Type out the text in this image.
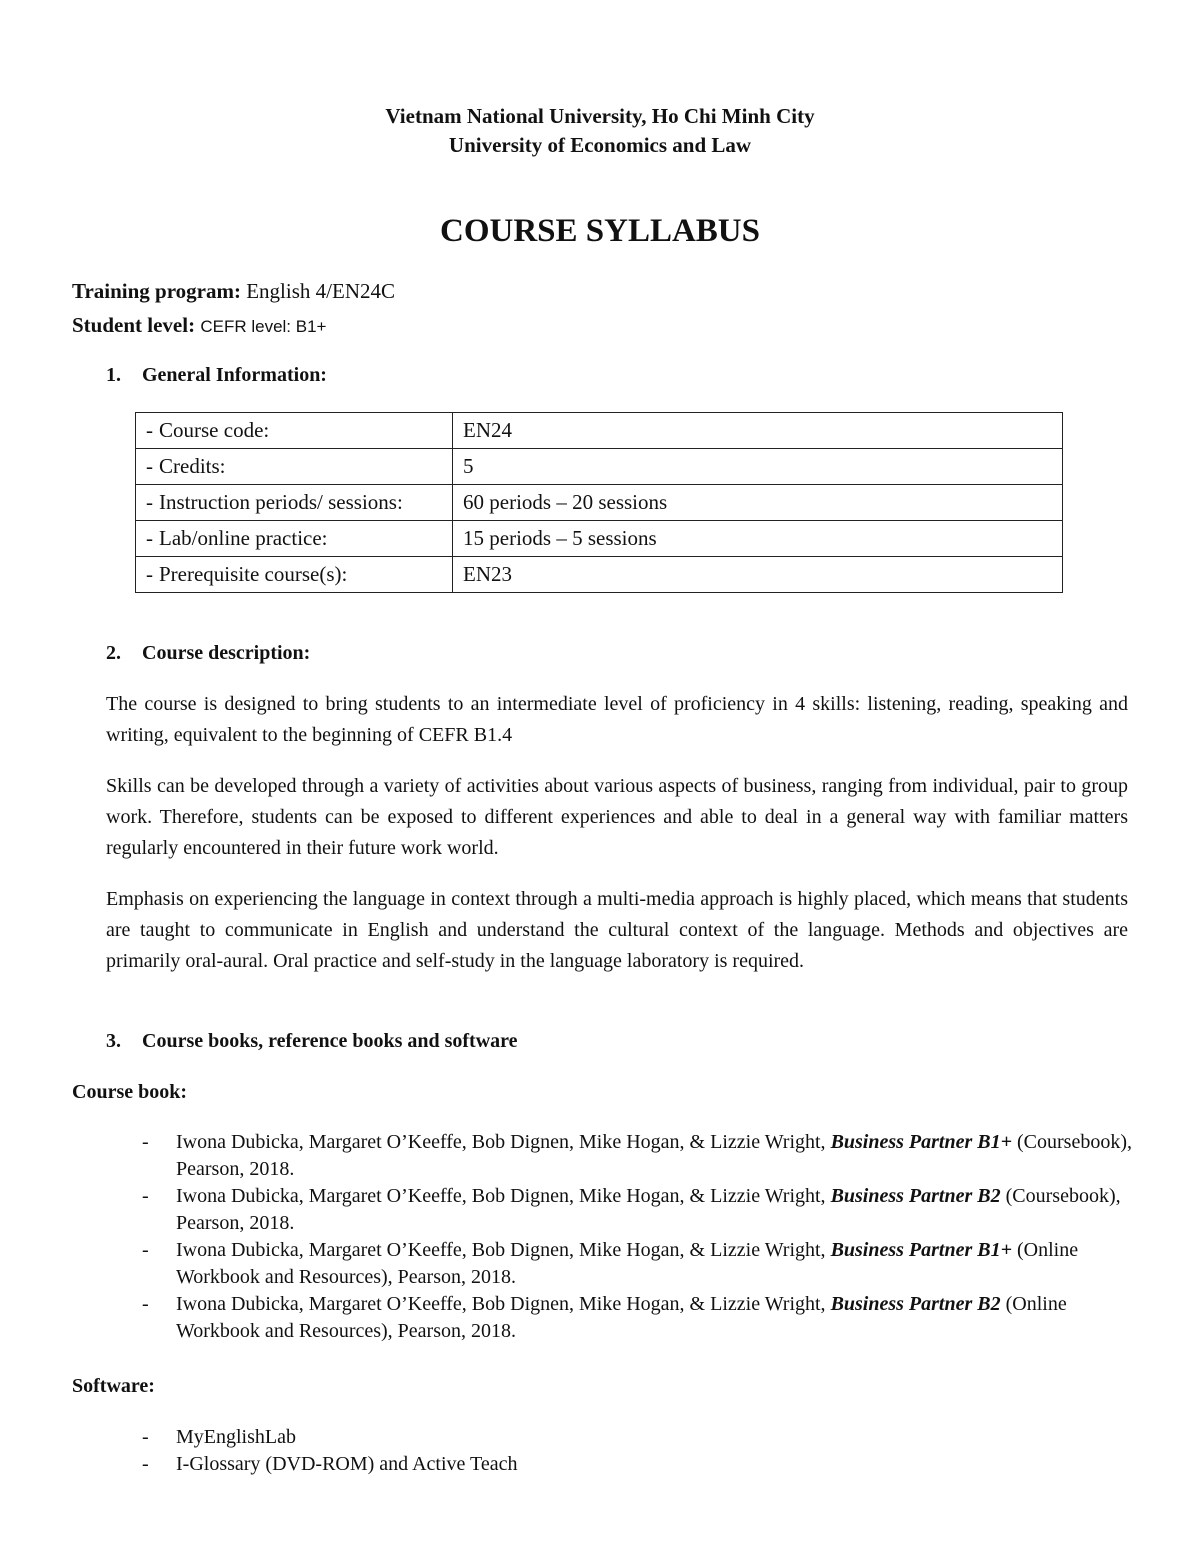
Vietnam National University, Ho Chi Minh City
University of Economics and Law
COURSE SYLLABUS
Training program: English 4/EN24C
Student level: CEFR level: B1+
1. General Information:
- Course code:	EN24
- Credits:	5
- Instruction periods/ sessions:	60 periods – 20 sessions
- Lab/online practice:	15 periods – 5 sessions
- Prerequisite course(s):	EN23
2. Course description:
The course is designed to bring students to an intermediate level of proficiency in 4 skills: listening, reading, speaking and writing, equivalent to the beginning of CEFR B1.4
Skills can be developed through a variety of activities about various aspects of business, ranging from individual, pair to group work. Therefore, students can be exposed to different experiences and able to deal in a general way with familiar matters regularly encountered in their future work world.
Emphasis on experiencing the language in context through a multi-media approach is highly placed, which means that students are taught to communicate in English and understand the cultural context of the language. Methods and objectives are primarily oral-aural. Oral practice and self-study in the language laboratory is required.
3. Course books, reference books and software
Course book:
- Iwona Dubicka, Margaret O’Keeffe, Bob Dignen, Mike Hogan, & Lizzie Wright, Business Partner B1+ (Coursebook), Pearson, 2018.
- Iwona Dubicka, Margaret O’Keeffe, Bob Dignen, Mike Hogan, & Lizzie Wright, Business Partner B2 (Coursebook), Pearson, 2018.
- Iwona Dubicka, Margaret O’Keeffe, Bob Dignen, Mike Hogan, & Lizzie Wright, Business Partner B1+ (Online Workbook and Resources), Pearson, 2018.
- Iwona Dubicka, Margaret O’Keeffe, Bob Dignen, Mike Hogan, & Lizzie Wright, Business Partner B2 (Online Workbook and Resources), Pearson, 2018.
Software:
- MyEnglishLab
- I-Glossary (DVD-ROM) and Active Teach
